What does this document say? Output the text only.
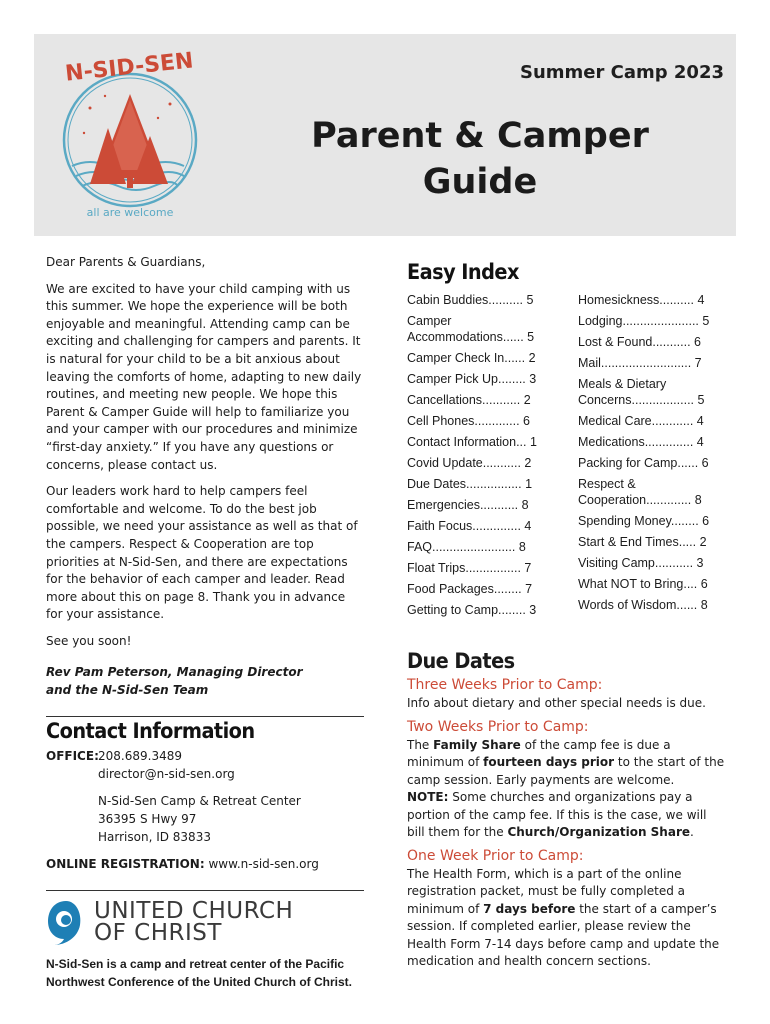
N-SID-SEN
all are welcome
Summer Camp 2023
Parent & Camper
Guide

Dear Parents & Guardians,

We are excited to have your child camping with us this summer. We hope the experience will be both enjoyable and meaningful. Attending camp can be exciting and challenging for campers and parents. It is natural for your child to be a bit anxious about leaving the comforts of home, adapting to new daily routines, and meeting new people. We hope this Parent & Camper Guide will help to familiarize you and your camper with our procedures and minimize “first-day anxiety.” If you have any questions or concerns, please contact us.

Our leaders work hard to help campers feel comfortable and welcome. To do the best job possible, we need your assistance as well as that of the campers. Respect & Cooperation are top priorities at N-Sid-Sen, and there are expectations for the behavior of each camper and leader. Read more about this on page 8. Thank you in advance for your assistance.

See you soon!

Rev Pam Peterson, Managing Director
and the N-Sid-Sen Team
Contact Information
OFFICE: 208.689.3489
director@n-sid-sen.org
N-Sid-Sen Camp & Retreat Center
36395 S Hwy 97
Harrison, ID 83833
ONLINE REGISTRATION: www.n-sid-sen.org
UNITED CHURCH
OF CHRIST
N-Sid-Sen is a camp and retreat center of the Pacific
Northwest Conference of the United Church of Christ.
Easy Index
Cabin Buddies.......... 5
Camper
Accommodations...... 5
Camper Check In...... 2
Camper Pick Up........ 3
Cancellations........... 2
Cell Phones............. 6
Contact Information... 1
Covid Update........... 2
Due Dates................ 1
Emergencies........... 8
Faith Focus.............. 4
FAQ........................ 8
Float Trips................ 7
Food Packages........ 7
Getting to Camp........ 3
Homesickness.......... 4
Lodging...................... 5
Lost & Found........... 6
Mail.......................... 7
Meals & Dietary
Concerns.................. 5
Medical Care............ 4
Medications.............. 4
Packing for Camp...... 6
Respect &
Cooperation............. 8
Spending Money........ 6
Start & End Times..... 2
Visiting Camp........... 3
What NOT to Bring.... 6
Words of Wisdom...... 8
Due Dates
Three Weeks Prior to Camp:
Info about dietary and other special needs is due.
Two Weeks Prior to Camp:
The Family Share of the camp fee is due a minimum of fourteen days prior to the start of the camp session. Early payments are welcome.
NOTE: Some churches and organizations pay a portion of the camp fee. If this is the case, we will bill them for the Church/Organization Share.
One Week Prior to Camp:
The Health Form, which is a part of the online registration packet, must be fully completed a minimum of 7 days before the start of a camper’s session. If completed earlier, please review the Health Form 7-14 days before camp and update the medication and health concern sections.
